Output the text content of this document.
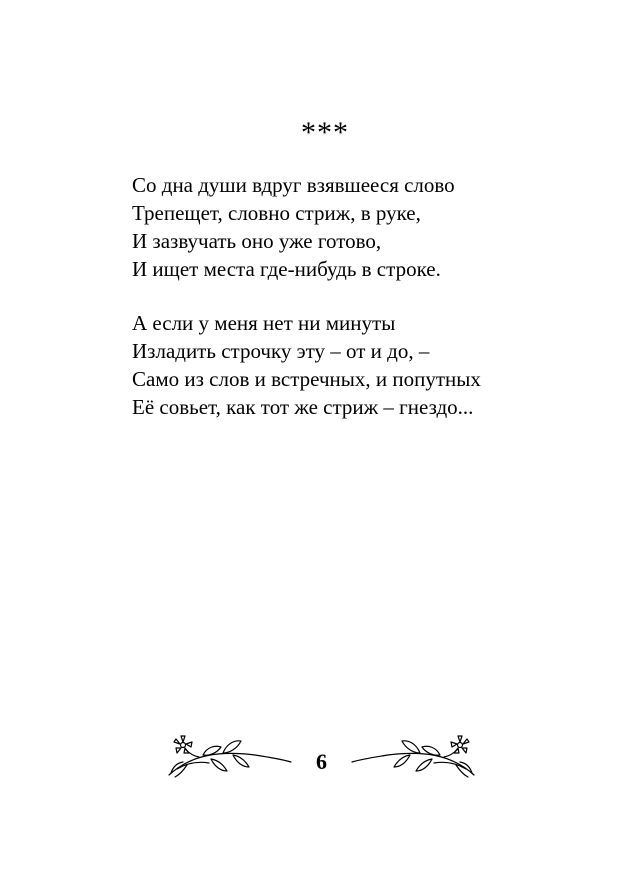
***
Со дна души вдруг взявшееся слово
Трепещет, словно стриж, в руке,
И зазвучать оно уже готово,
И ищет места где-нибудь в строке.
А если у меня нет ни минуты
Изладить строчку эту – от и до, –
Само из слов и встречных, и попутных
Её совьет, как тот же стриж – гнездо...
6
